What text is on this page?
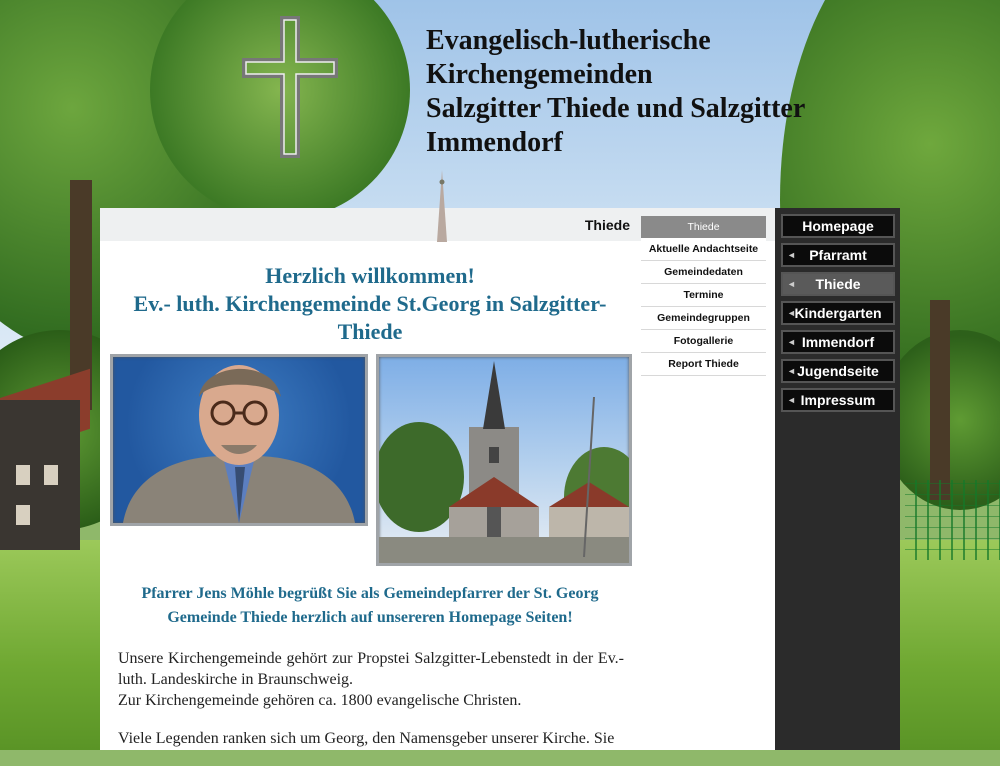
Evangelisch-lutherische
Kirchengemeinden
Salzgitter Thiede und Salzgitter
Immendorf
Thiede	Thiede
Aktuelle Andachtseite
Gemeindedaten
Termine
Gemeindegruppen
Fotogallerie
Report Thiede
Herzlich willkommen!
Ev.- luth. Kirchengemeinde St.Georg in Salzgitter-Thiede
Pfarrer Jens Möhle begrüßt Sie als Gemeindepfarrer der St. Georg Gemeinde Thiede herzlich auf unsereren Homepage Seiten!

Unsere Kirchengemeinde gehört zur Propstei Salzgitter-Lebenstedt in der Ev.-luth. Landeskirche in Braunschweig.
Zur Kirchengemeinde gehören ca. 1800 evangelische Christen.

Viele Legenden ranken sich um Georg, den Namensgeber unserer Kirche. Sie

Homepage
◄ Pfarramt
◄ Thiede
◄
Kindergarten
◄ Immendorf
◄ Jugendseite
◄ Impressum
